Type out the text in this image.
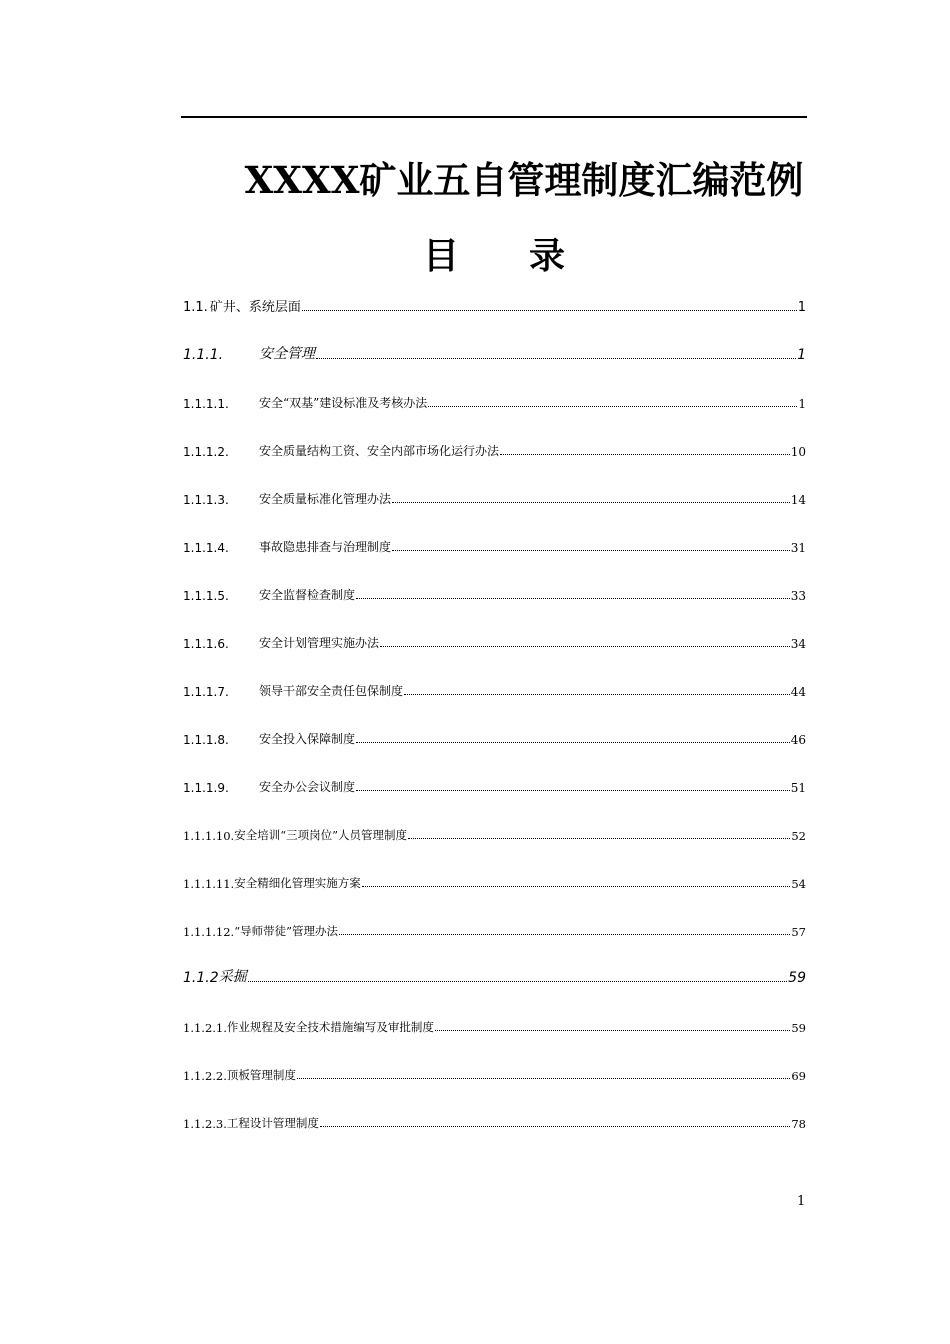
XXXX矿业五自管理制度汇编范例
目 录
1.1. 矿井、系统层面	1
1.1.1.	安全管理	1
1.1.1.1.	安全“双基”建设标准及考核办法	1
1.1.1.2.	安全质量结构工资、安全内部市场化运行办法	10
1.1.1.3.	安全质量标准化管理办法	14
1.1.1.4.	事故隐患排查与治理制度	31
1.1.1.5.	安全监督检查制度	33
1.1.1.6.	安全计划管理实施办法	34
1.1.1.7.	领导干部安全责任包保制度	44
1.1.1.8.	安全投入保障制度	46
1.1.1.9.	安全办公会议制度	51
1.1.1.10. 安全培训“三项岗位”人员管理制度	52
1.1.1.11. 安全精细化管理实施方案	54
1.1.1.12. “导师带徒”管理办法	57
1.1.2 采掘	59
1.1.2.1. 作业规程及安全技术措施编写及审批制度	59
1.1.2.2. 顶板管理制度	69
1.1.2.3. 工程设计管理制度	78
1
